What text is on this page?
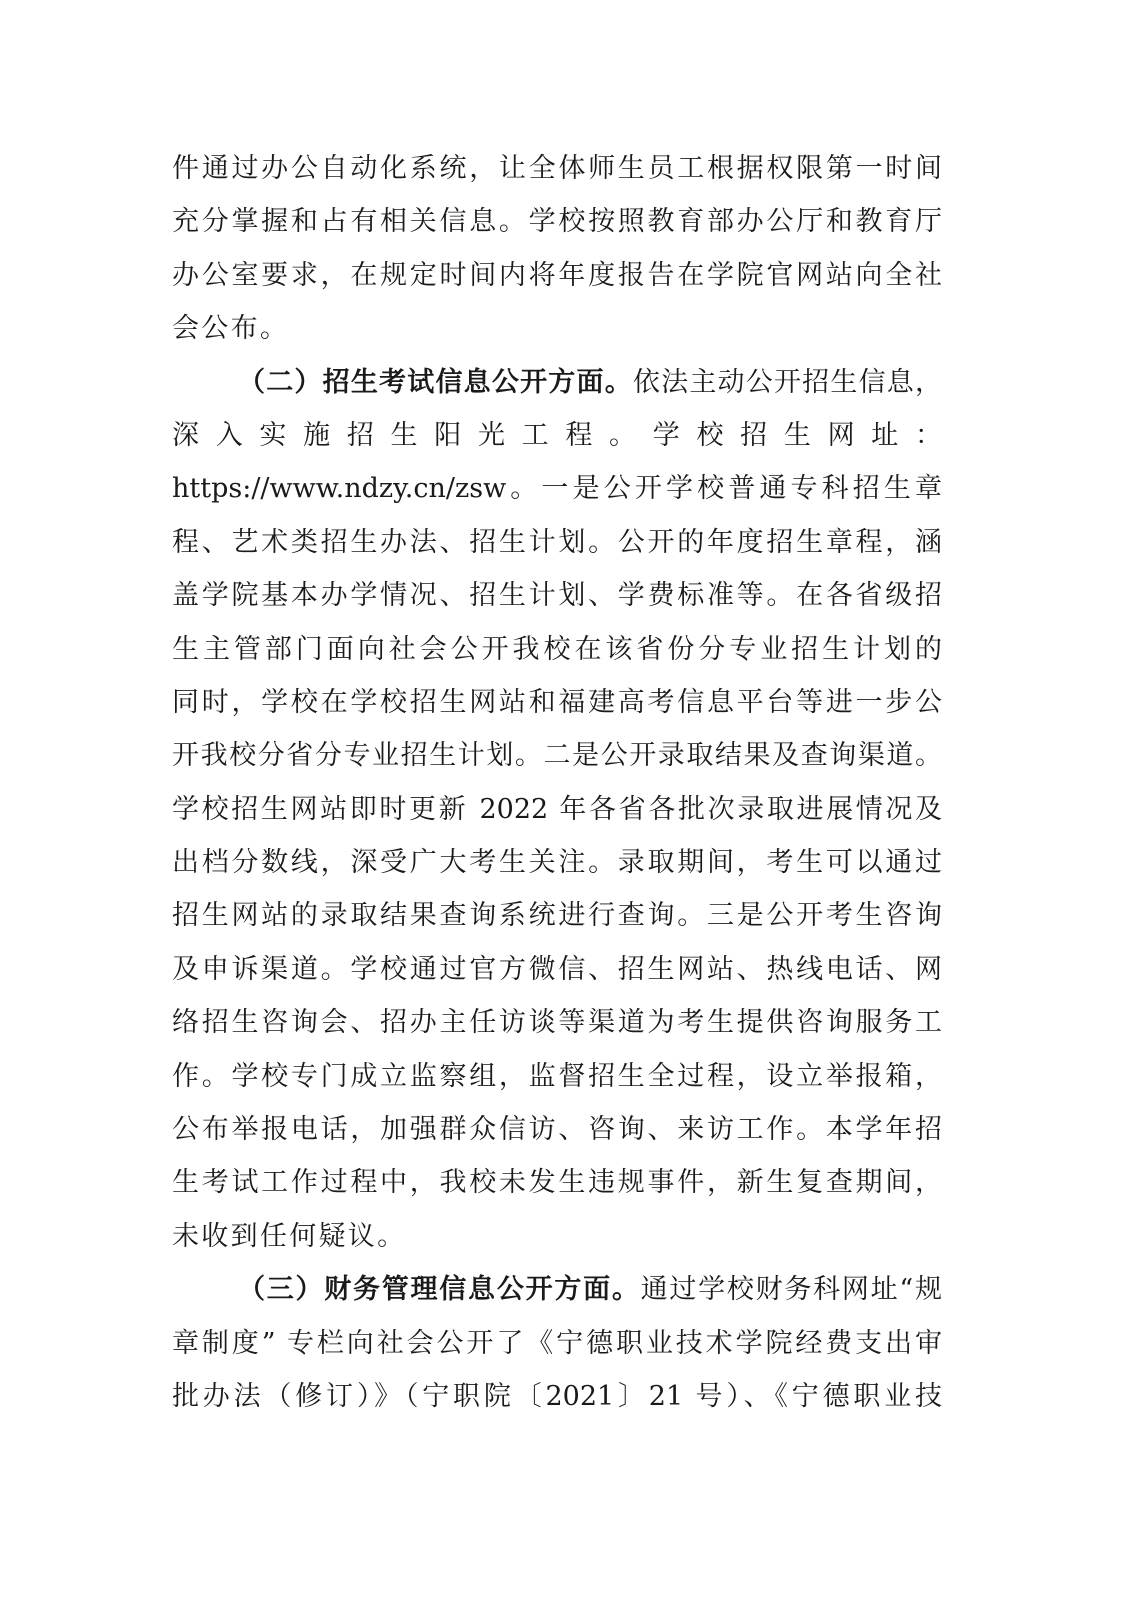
件通过办公自动化系统，让全体师生员工根据权限第一时间
充分掌握和占有相关信息。学校按照教育部办公厅和教育厅
办公室要求，在规定时间内将年度报告在学院官网站向全社
会公布。
（二）招生考试信息公开方面。依法主动公开招生信息，
深 入 实 施 招 生 阳 光 工 程 。 学 校 招 生 网 址 ：
https://www.ndzy.cn/zsw。一是公开学校普通专科招生章
程、艺术类招生办法、招生计划。公开的年度招生章程，涵
盖学院基本办学情况、招生计划、学费标准等。在各省级招
生主管部门面向社会公开我校在该省份分专业招生计划的
同时，学校在学校招生网站和福建高考信息平台等进一步公
开我校分省分专业招生计划。二是公开录取结果及查询渠道。
学校招生网站即时更新 2022 年各省各批次录取进展情况及
出档分数线，深受广大考生关注。录取期间，考生可以通过
招生网站的录取结果查询系统进行查询。三是公开考生咨询
及申诉渠道。学校通过官方微信、招生网站、热线电话、网
络招生咨询会、招办主任访谈等渠道为考生提供咨询服务工
作。学校专门成立监察组，监督招生全过程，设立举报箱，
公布举报电话，加强群众信访、咨询、来访工作。本学年招
生考试工作过程中，我校未发生违规事件，新生复查期间，
未收到任何疑议。
（三）财务管理信息公开方面。通过学校财务科网址“规
章制度” 专栏向社会公开了《宁德职业技术学院经费支出审
批办法（修订）》（宁职院〔2021〕21 号）、《宁德职业技
